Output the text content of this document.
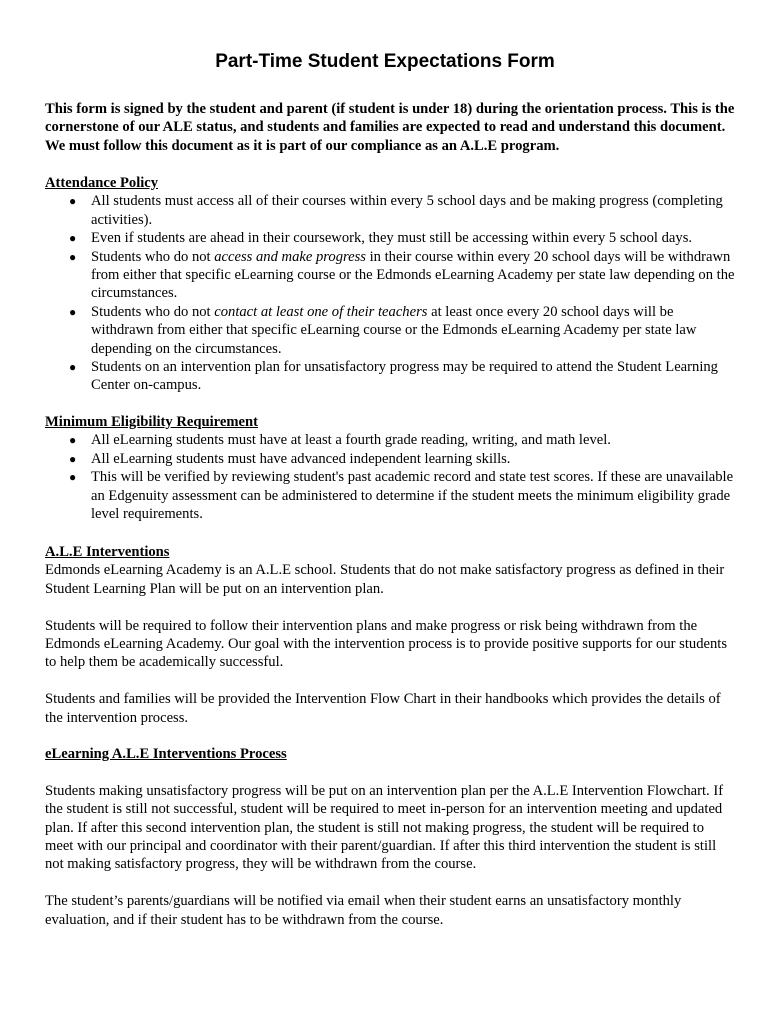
Part-Time Student Expectations Form

This form is signed by the student and parent (if student is under 18) during the orientation process. This is the cornerstone of our ALE status, and students and families are expected to read and understand this document. We must follow this document as it is part of our compliance as an A.L.E program.

Attendance Policy
● All students must access all of their courses within every 5 school days and be making progress (completing activities).
● Even if students are ahead in their coursework, they must still be accessing within every 5 school days.
● Students who do not access and make progress in their course within every 20 school days will be withdrawn from either that specific eLearning course or the Edmonds eLearning Academy per state law depending on the circumstances.
● Students who do not contact at least one of their teachers at least once every 20 school days will be withdrawn from either that specific eLearning course or the Edmonds eLearning Academy per state law depending on the circumstances.
● Students on an intervention plan for unsatisfactory progress may be required to attend the Student Learning Center on-campus.
Minimum Eligibility Requirement
● All eLearning students must have at least a fourth grade reading, writing, and math level.
● All eLearning students must have advanced independent learning skills.
● This will be verified by reviewing student's past academic record and state test scores. If these are unavailable an Edgenuity assessment can be administered to determine if the student meets the minimum eligibility grade level requirements.
A.L.E Interventions

Edmonds eLearning Academy is an A.L.E school. Students that do not make satisfactory progress as defined in their Student Learning Plan will be put on an intervention plan.

Students will be required to follow their intervention plans and make progress or risk being withdrawn from the Edmonds eLearning Academy. Our goal with the intervention process is to provide positive supports for our students to help them be academically successful.

Students and families will be provided the Intervention Flow Chart in their handbooks which provides the details of the intervention process.

eLearning A.L.E Interventions Process

Students making unsatisfactory progress will be put on an intervention plan per the A.L.E Intervention Flowchart. If the student is still not successful, student will be required to meet in-person for an intervention meeting and updated plan. If after this second intervention plan, the student is still not making progress, the student will be required to meet with our principal and coordinator with their parent/guardian. If after this third intervention the student is still not making satisfactory progress, they will be withdrawn from the course.

The student’s parents/guardians will be notified via email when their student earns an unsatisfactory monthly evaluation, and if their student has to be withdrawn from the course.
